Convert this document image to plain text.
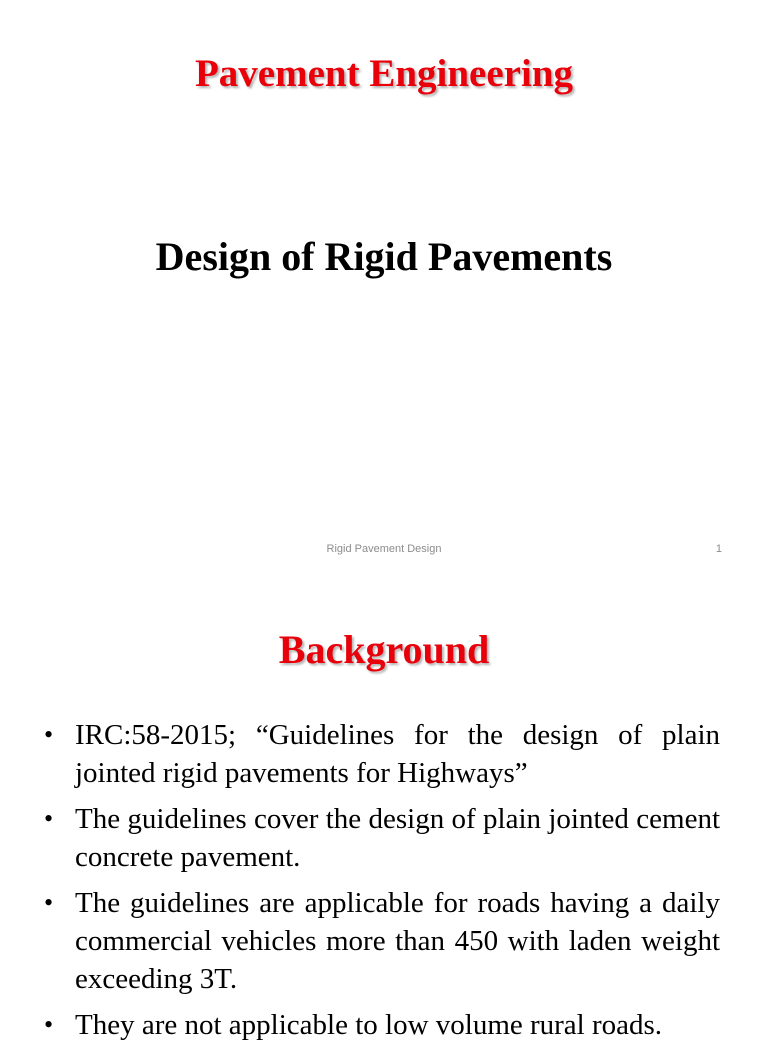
Pavement Engineering
Design of Rigid Pavements
Rigid Pavement Design	1
Background
• IRC:58-2015; “Guidelines for the design of plain jointed rigid pavements for Highways”
• The guidelines cover the design of plain jointed cement concrete pavement.
• The guidelines are applicable for roads having a daily commercial vehicles more than 450 with laden weight exceeding 3T.
• They are not applicable to low volume rural roads.
